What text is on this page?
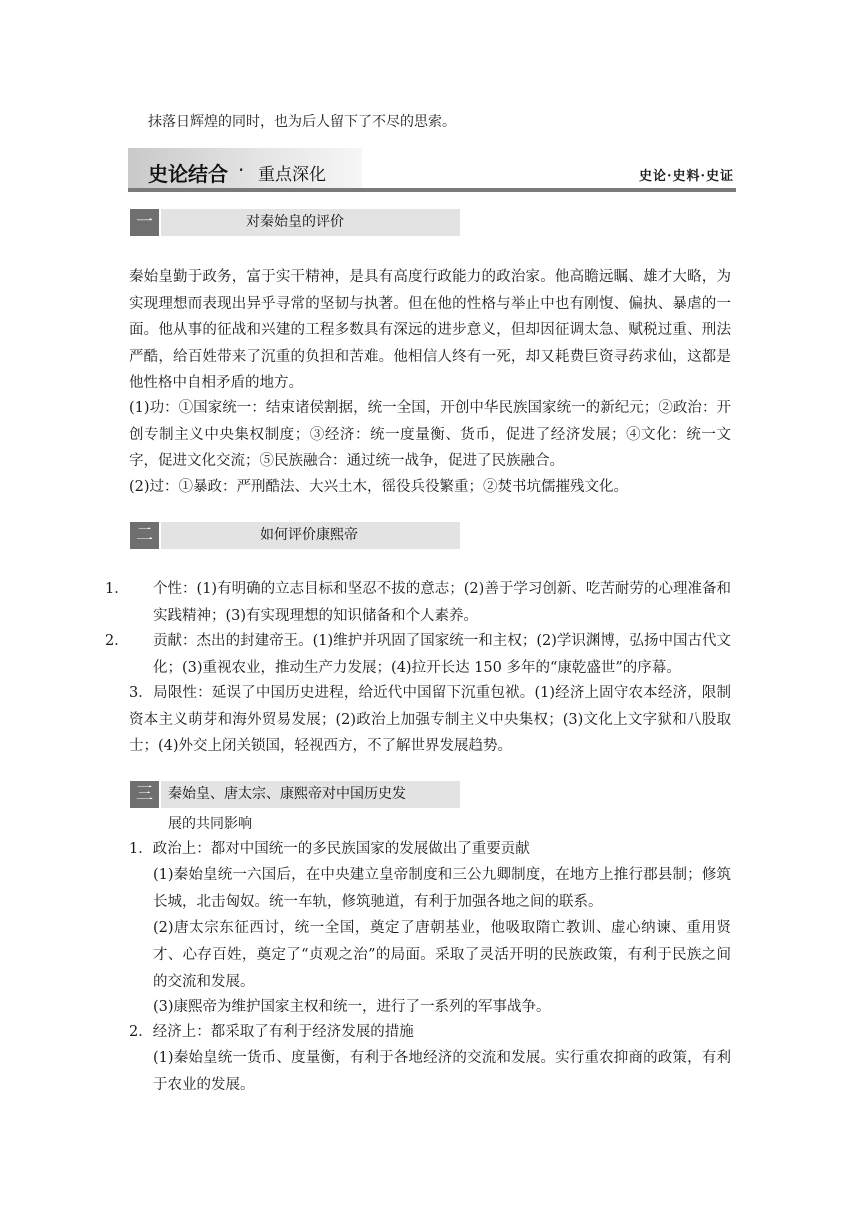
抹落日辉煌的同时，也为后人留下了不尽的思索。
史论结合 · 重点深化	史论·史料·史证
一	对秦始皇的评价
秦始皇勤于政务，富于实干精神，是具有高度行政能力的政治家。他高瞻远瞩、雄才大略，为实现理想而表现出异乎寻常的坚韧与执著。但在他的性格与举止中也有刚愎、偏执、暴虐的一面。他从事的征战和兴建的工程多数具有深远的进步意义，但却因征调太急、赋税过重、刑法严酷，给百姓带来了沉重的负担和苦难。他相信人终有一死，却又耗费巨资寻药求仙，这都是他性格中自相矛盾的地方。
(1)功：①国家统一：结束诸侯割据，统一全国，开创中华民族国家统一的新纪元；②政治：开创专制主义中央集权制度；③经济：统一度量衡、货币，促进了经济发展；④文化：统一文字，促进文化交流；⑤民族融合：通过统一战争，促进了民族融合。
(2)过：①暴政：严刑酷法、大兴土木，徭役兵役繁重；②焚书坑儒摧残文化。
二	如何评价康熙帝
1． 个性：(1)有明确的立志目标和坚忍不拔的意志；(2)善于学习创新、吃苦耐劳的心理准备和实践精神；(3)有实现理想的知识储备和个人素养。
2． 贡献：杰出的封建帝王。(1)维护并巩固了国家统一和主权；(2)学识渊博，弘扬中国古代文化；(3)重视农业，推动生产力发展；(4)拉开长达 150 多年的“康乾盛世”的序幕。
3．局限性：延误了中国历史进程，给近代中国留下沉重包袱。(1)经济上固守农本经济，限制资本主义萌芽和海外贸易发展；(2)政治上加强专制主义中央集权；(3)文化上文字狱和八股取士；(4)外交上闭关锁国，轻视西方，不了解世界发展趋势。
三	秦始皇、唐太宗、康熙帝对中国历史发
展的共同影响
1．政治上：都对中国统一的多民族国家的发展做出了重要贡献
(1)秦始皇统一六国后，在中央建立皇帝制度和三公九卿制度，在地方上推行郡县制；修筑长城，北击匈奴。统一车轨，修筑驰道，有利于加强各地之间的联系。
(2)唐太宗东征西讨，统一全国，奠定了唐朝基业，他吸取隋亡教训、虚心纳谏、重用贤才、心存百姓，奠定了“贞观之治”的局面。采取了灵活开明的民族政策，有利于民族之间的交流和发展。
(3)康熙帝为维护国家主权和统一，进行了一系列的军事战争。
2．经济上：都采取了有利于经济发展的措施
(1)秦始皇统一货币、度量衡，有利于各地经济的交流和发展。实行重农抑商的政策，有利于农业的发展。
